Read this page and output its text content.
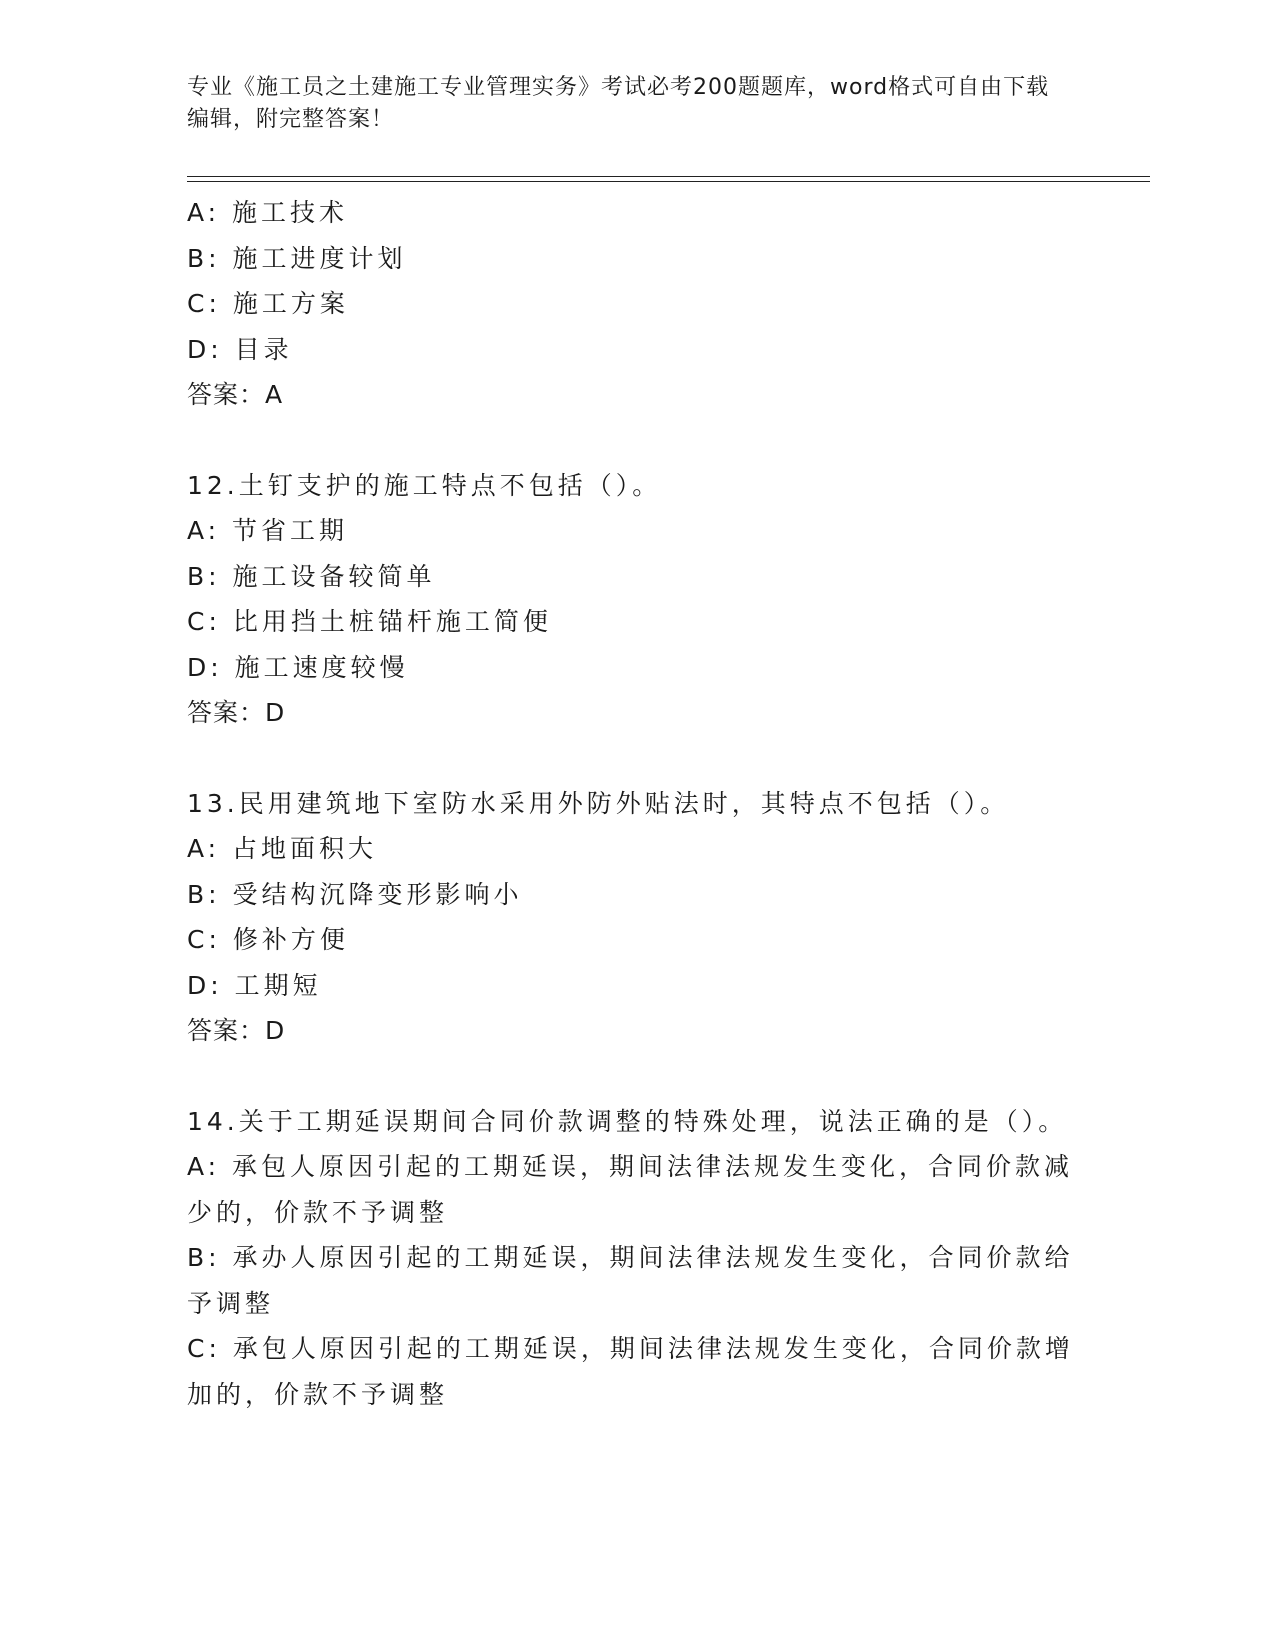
专业《施工员之土建施工专业管理实务》考试必考200题题库，word格式可自由下载编辑，附完整答案！
A: 施工技术
B: 施工进度计划
C: 施工方案
D: 目录
答案：A
12.土钉支护的施工特点不包括（）。
A: 节省工期
B: 施工设备较简单
C: 比用挡土桩锚杆施工简便
D: 施工速度较慢
答案：D
13.民用建筑地下室防水采用外防外贴法时，其特点不包括（）。
A: 占地面积大
B: 受结构沉降变形影响小
C: 修补方便
D: 工期短
答案：D
14.关于工期延误期间合同价款调整的特殊处理，说法正确的是（）。
A: 承包人原因引起的工期延误，期间法律法规发生变化，合同价款减少的，价款不予调整
B: 承办人原因引起的工期延误，期间法律法规发生变化，合同价款给予调整
C: 承包人原因引起的工期延误，期间法律法规发生变化，合同价款增加的，价款不予调整
